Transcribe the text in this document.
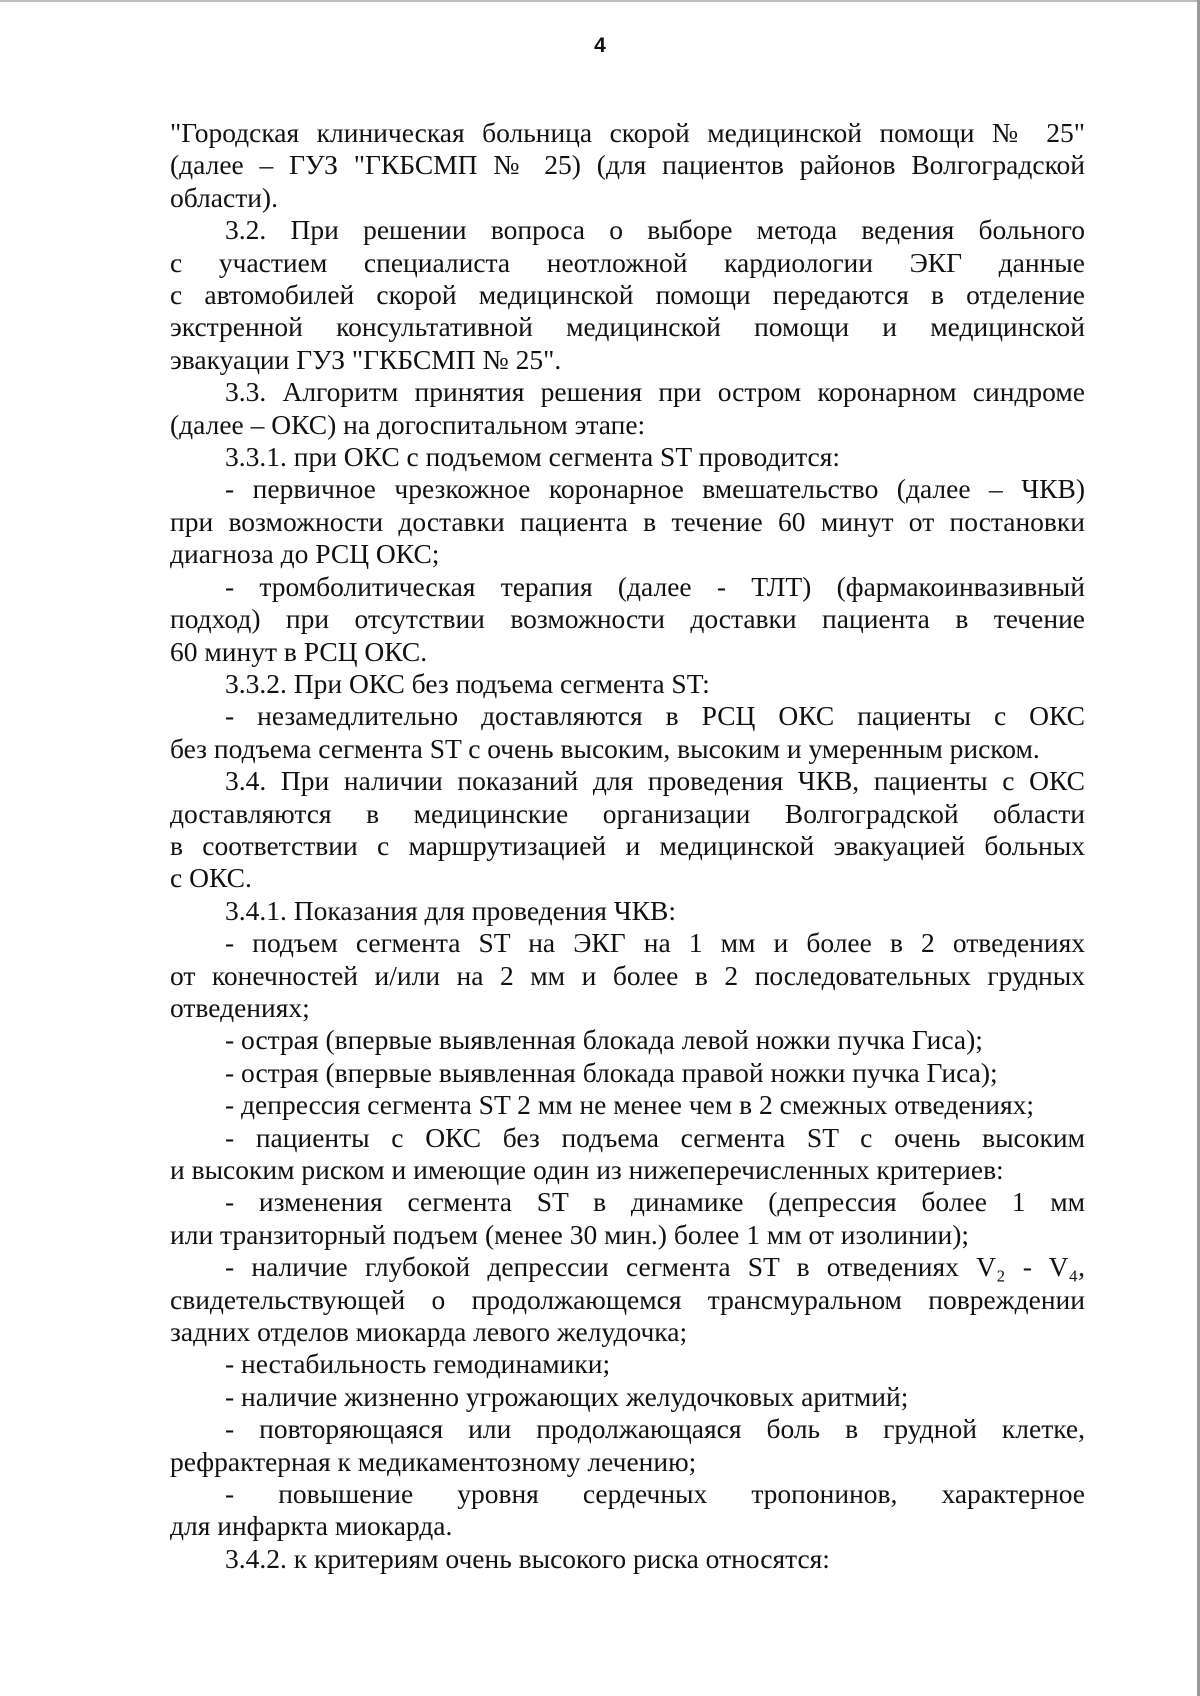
4

"Городская клиническая больница скорой медицинской помощи № 25"
(далее – ГУЗ "ГКБСМП № 25) (для пациентов районов Волгоградской
области).

3.2. При решении вопроса о выборе метода ведения больного
с участием специалиста неотложной кардиологии ЭКГ данные
с автомобилей скорой медицинской помощи передаются в отделение
экстренной консультативной медицинской помощи и медицинской
эвакуации ГУЗ "ГКБСМП № 25".

3.3. Алгоритм принятия решения при остром коронарном синдроме
(далее – ОКС) на догоспитальном этапе:

3.3.1. при ОКС с подъемом сегмента ST проводится:

- первичное чрезкожное коронарное вмешательство (далее – ЧКВ)
при возможности доставки пациента в течение 60 минут от постановки
диагноза до РСЦ ОКС;

- тромболитическая терапия (далее - ТЛТ) (фармакоинвазивный
подход) при отсутствии возможности доставки пациента в течение
60 минут в РСЦ ОКС.

3.3.2. При ОКС без подъема сегмента ST:

- незамедлительно доставляются в РСЦ ОКС пациенты с ОКС
без подъема сегмента ST с очень высоким, высоким и умеренным риском.

3.4. При наличии показаний для проведения ЧКВ, пациенты с ОКС
доставляются в медицинские организации Волгоградской области
в соответствии с маршрутизацией и медицинской эвакуацией больных
с ОКС.

3.4.1. Показания для проведения ЧКВ:

- подъем сегмента ST на ЭКГ на 1 мм и более в 2 отведениях
от конечностей и/или на 2 мм и более в 2 последовательных грудных
отведениях;

- острая (впервые выявленная блокада левой ножки пучка Гиса);

- острая (впервые выявленная блокада правой ножки пучка Гиса);

- депрессия сегмента ST 2 мм не менее чем в 2 смежных отведениях;

- пациенты с ОКС без подъема сегмента ST с очень высоким
и высоким риском и имеющие один из нижеперечисленных критериев:

- изменения сегмента ST в динамике (депрессия более 1 мм
или транзиторный подъем (менее 30 мин.) более 1 мм от изолинии);

- наличие глубокой депрессии сегмента ST в отведениях V₂ - V₄,
свидетельствующей о продолжающемся трансмуральном повреждении
задних отделов миокарда левого желудочка;

- нестабильность гемодинамики;

- наличие жизненно угрожающих желудочковых аритмий;

- повторяющаяся или продолжающаяся боль в грудной клетке,
рефрактерная к медикаментозному лечению;

- повышение уровня сердечных тропонинов, характерное
для инфаркта миокарда.

3.4.2. к критериям очень высокого риска относятся:
